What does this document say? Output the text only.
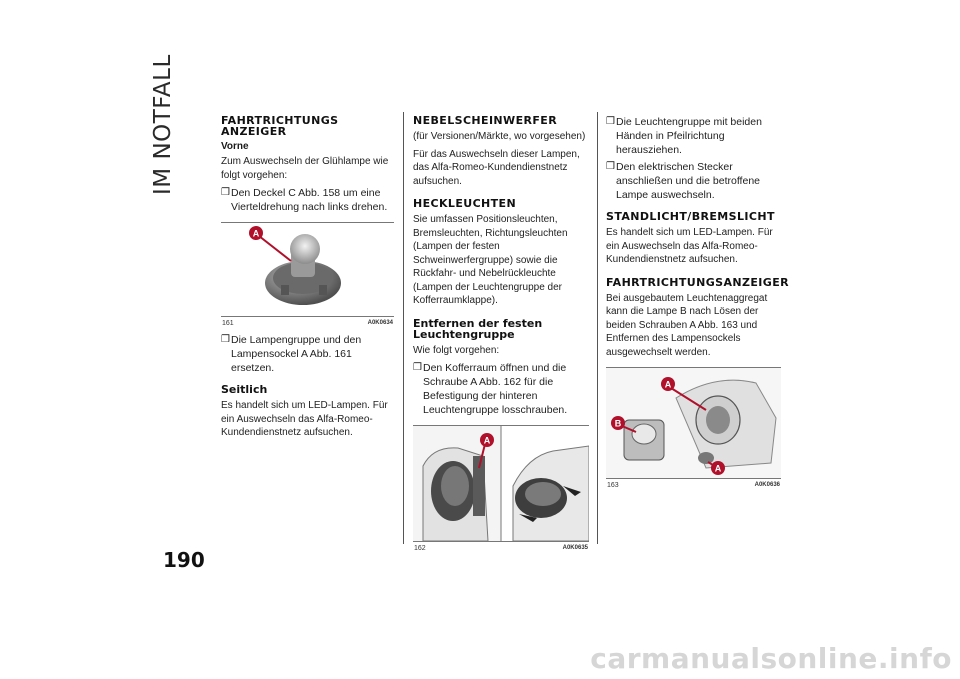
IM NOTFALL	FAHRTRICHTUNGS ANZEIGER
Vorne

Zum Auswechseln der Glühlampe wie folgt vorgehen:

❒ Den Deckel C Abb. 158 um eine Vierteldrehung nach links drehen.
A
161	A0K0634
❒ Die Lampengruppe und den Lampensockel A Abb. 161 ersetzen.
Seitlich

Es handelt sich um LED-Lampen. Für ein Auswechseln das Alfa-Romeo-Kundendienstnetz aufsuchen.

NEBELSCHEINWERFER

(für Versionen/Märkte, wo vorgesehen)

Für das Auswechseln dieser Lampen, das Alfa-Romeo-Kundendienstnetz aufsuchen.

HECKLEUCHTEN

Sie umfassen Positionsleuchten, Bremsleuchten, Richtungsleuchten (Lampen der festen Schweinwerfergruppe) sowie die Rückfahr- und Nebelrückleuchte (Lampen der Leuchtengruppe der Kofferraumklappe).

Entfernen der festen Leuchtengruppe

Wie folgt vorgehen:

❒ Den Kofferraum öffnen und die Schraube A Abb. 162 für die Befestigung der hinteren Leuchtengruppe losschrauben.
A
162	A0K0635
❒ Die Leuchtengruppe mit beiden Händen in Pfeilrichtung herausziehen.
❒ Den elektrischen Stecker anschließen und die betroffene Lampe auswechseln.
STANDLICHT/BREMSLICHT

Es handelt sich um LED-Lampen. Für ein Auswechseln das Alfa-Romeo-Kundendienstnetz aufsuchen.

FAHRTRICHTUNGSANZEIGER

Bei ausgebautem Leuchtenaggregat kann die Lampe B nach Lösen der beiden Schrauben A Abb. 163 und Entfernen des Lampensockels ausgewechselt werden.

A
B
A
163	A0K0636
190
carmanualsonline.info
